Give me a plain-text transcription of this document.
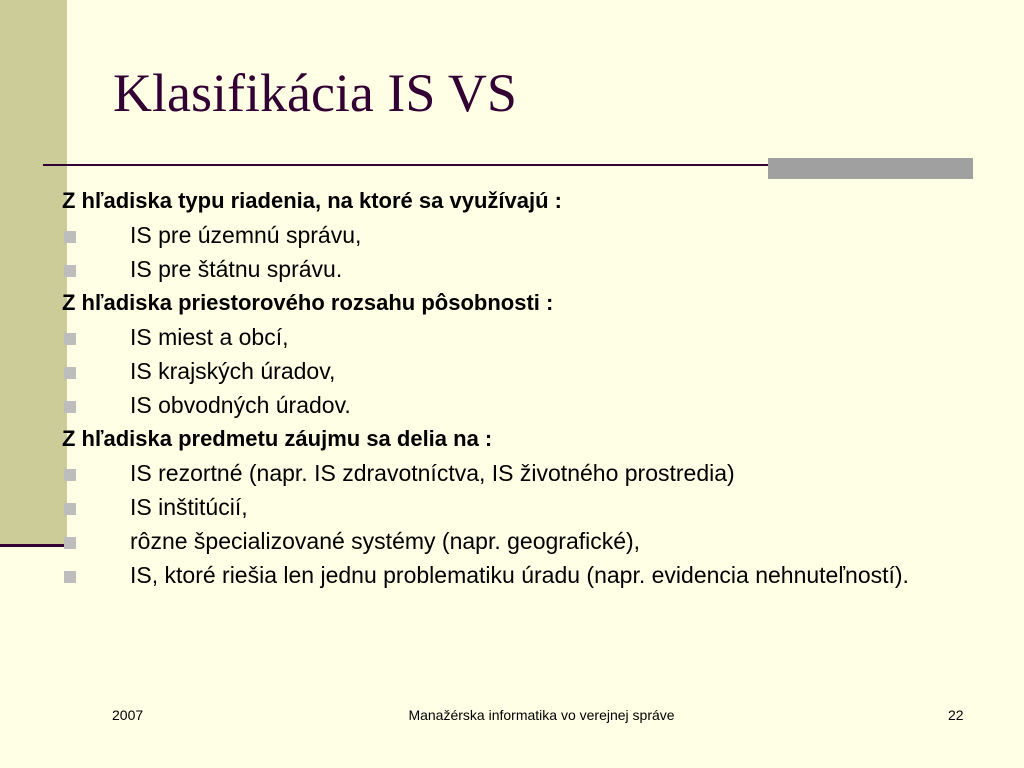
Klasifikácia IS VS
Z hľadiska typu riadenia, na ktoré sa využívajú :
IS pre územnú správu,
IS pre štátnu správu.
Z hľadiska priestorového rozsahu pôsobnosti :
IS miest a obcí,
IS krajských úradov,
IS obvodných úradov.
Z hľadiska predmetu záujmu sa delia na :
IS rezortné (napr. IS zdravotníctva, IS životného prostredia)
IS inštitúcií,
rôzne špecializované systémy (napr. geografické),
IS, ktoré riešia len jednu problematiku úradu (napr. evidencia nehnuteľností).
2007	Manažérska informatika vo verejnej správe	22
